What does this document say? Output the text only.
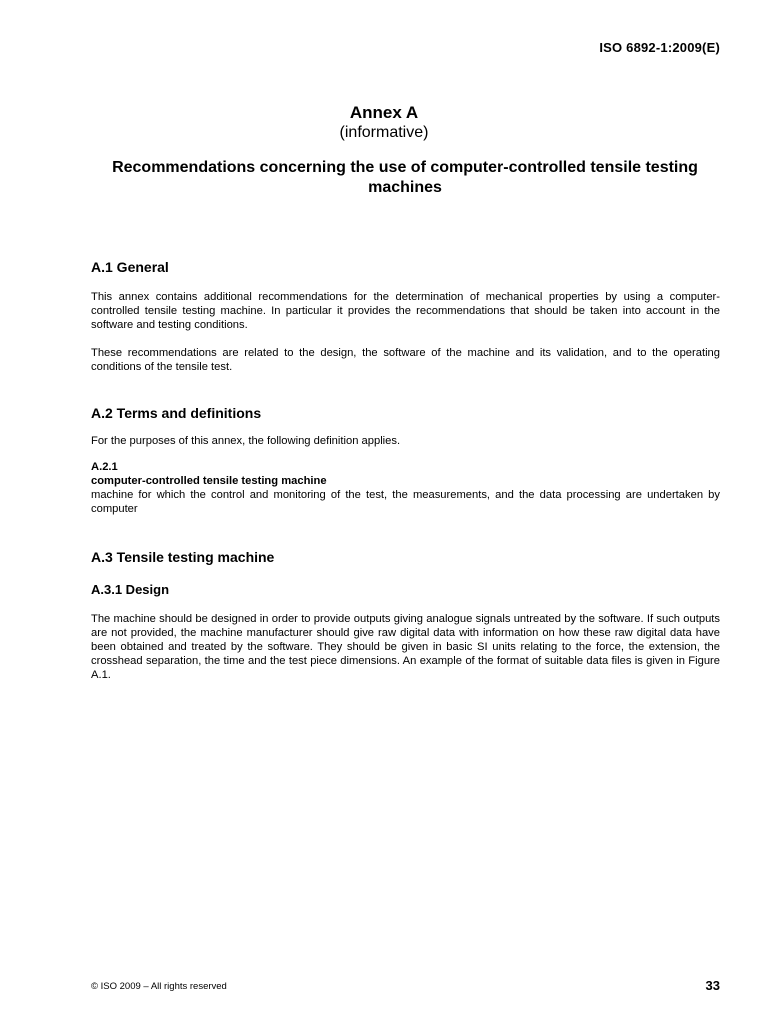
ISO 6892-1:2009(E)
Annex A
(informative)
Recommendations concerning the use of computer-controlled tensile testing machines
A.1 General

This annex contains additional recommendations for the determination of mechanical properties by using a computer-controlled tensile testing machine. In particular it provides the recommendations that should be taken into account in the software and testing conditions.

These recommendations are related to the design, the software of the machine and its validation, and to the operating conditions of the tensile test.

A.2 Terms and definitions

For the purposes of this annex, the following definition applies.

A.2.1
computer-controlled tensile testing machine

machine for which the control and monitoring of the test, the measurements, and the data processing are undertaken by computer

A.3 Tensile testing machine
A.3.1 Design

The machine should be designed in order to provide outputs giving analogue signals untreated by the software. If such outputs are not provided, the machine manufacturer should give raw digital data with information on how these raw digital data have been obtained and treated by the software. They should be given in basic SI units relating to the force, the extension, the crosshead separation, the time and the test piece dimensions. An example of the format of suitable data files is given in Figure A.1.

© ISO 2009 – All rights reserved	33
